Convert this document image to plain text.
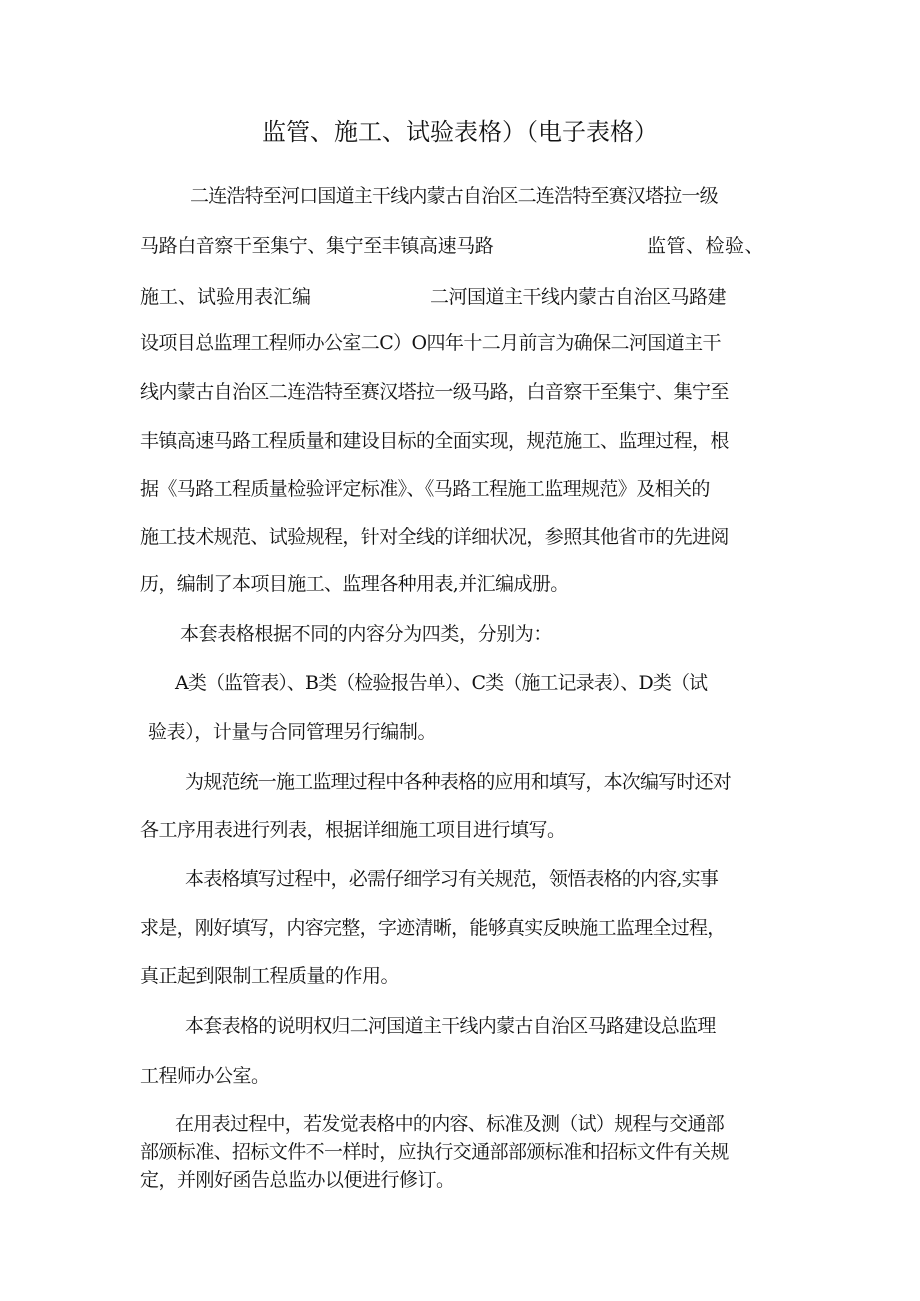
监管、施工、试验表格）（电子表格）
二连浩特至河口国道主干线内蒙古自治区二连浩特至赛汉塔拉一级
马路白音察干至集宁、集宁至丰镇高速马路	监管、检验、
施工、试验用表汇编	二河国道主干线内蒙古自治区马路建
设项目总监理工程师办公室二C）O四年十二月前言为确保二河国道主干
线内蒙古自治区二连浩特至赛汉塔拉一级马路，白音察干至集宁、集宁至
丰镇高速马路工程质量和建设目标的全面实现，规范施工、监理过程，根
据《马路工程质量检验评定标准》、《马路工程施工监理规范》及相关的
施工技术规范、试验规程，针对全线的详细状况，参照其他省市的先进阅
历，编制了本项目施工、监理各种用表,并汇编成册。
本套表格根据不同的内容分为四类，分别为：
A类（监管表）、B类（检验报告单）、C类（施工记录表）、D类（试
验表），计量与合同管理另行编制。
为规范统一施工监理过程中各种表格的应用和填写，本次编写时还对
各工序用表进行列表，根据详细施工项目进行填写。
本表格填写过程中，必需仔细学习有关规范，领悟表格的内容,实事
求是，刚好填写，内容完整，字迹清晰，能够真实反映施工监理全过程，
真正起到限制工程质量的作用。
本套表格的说明权归二河国道主干线内蒙古自治区马路建设总监理
工程师办公室。
在用表过程中，若发觉表格中的内容、标准及测（试）规程与交通部
部颁标准、招标文件不一样时，应执行交通部部颁标准和招标文件有关规
定，并刚好函告总监办以便进行修订。
